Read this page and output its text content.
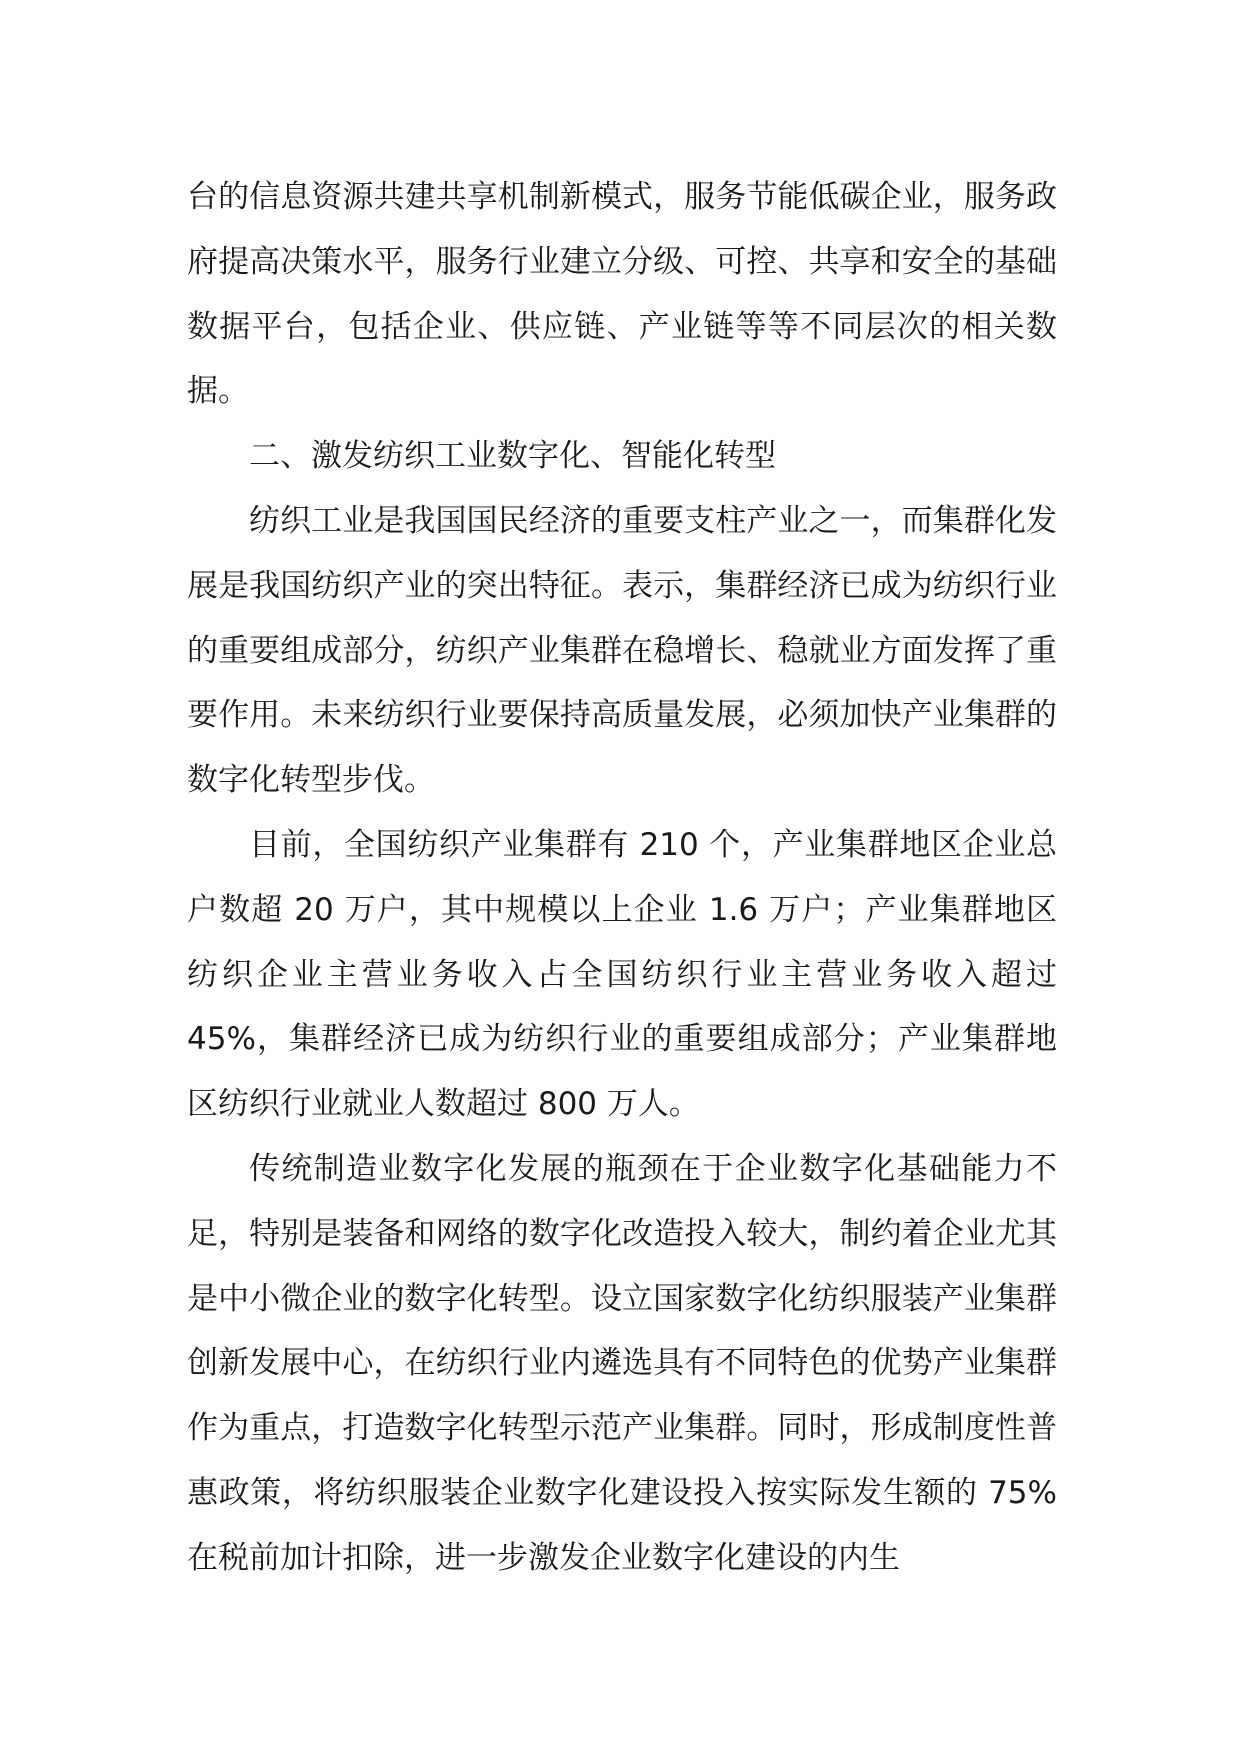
台的信息资源共建共享机制新模式，服务节能低碳企业，服务政府提高决策水平，服务行业建立分级、可控、共享和安全的基础数据平台，包括企业、供应链、产业链等等不同层次的相关数据。

二、激发纺织工业数字化、智能化转型

纺织工业是我国国民经济的重要支柱产业之一，而集群化发展是我国纺织产业的突出特征。表示，集群经济已成为纺织行业的重要组成部分，纺织产业集群在稳增长、稳就业方面发挥了重要作用。未来纺织行业要保持高质量发展，必须加快产业集群的数字化转型步伐。

目前，全国纺织产业集群有 210 个，产业集群地区企业总户数超 20 万户，其中规模以上企业 1.6 万户；产业集群地区纺织企业主营业务收入占全国纺织行业主营业务收入超过 45%，集群经济已成为纺织行业的重要组成部分；产业集群地区纺织行业就业人数超过 800 万人。

传统制造业数字化发展的瓶颈在于企业数字化基础能力不足，特别是装备和网络的数字化改造投入较大，制约着企业尤其是中小微企业的数字化转型。设立国家数字化纺织服装产业集群创新发展中心，在纺织行业内遴选具有不同特色的优势产业集群作为重点，打造数字化转型示范产业集群。同时，形成制度性普惠政策，将纺织服装企业数字化建设投入按实际发生额的 75%在税前加计扣除，进一步激发企业数字化建设的内生
